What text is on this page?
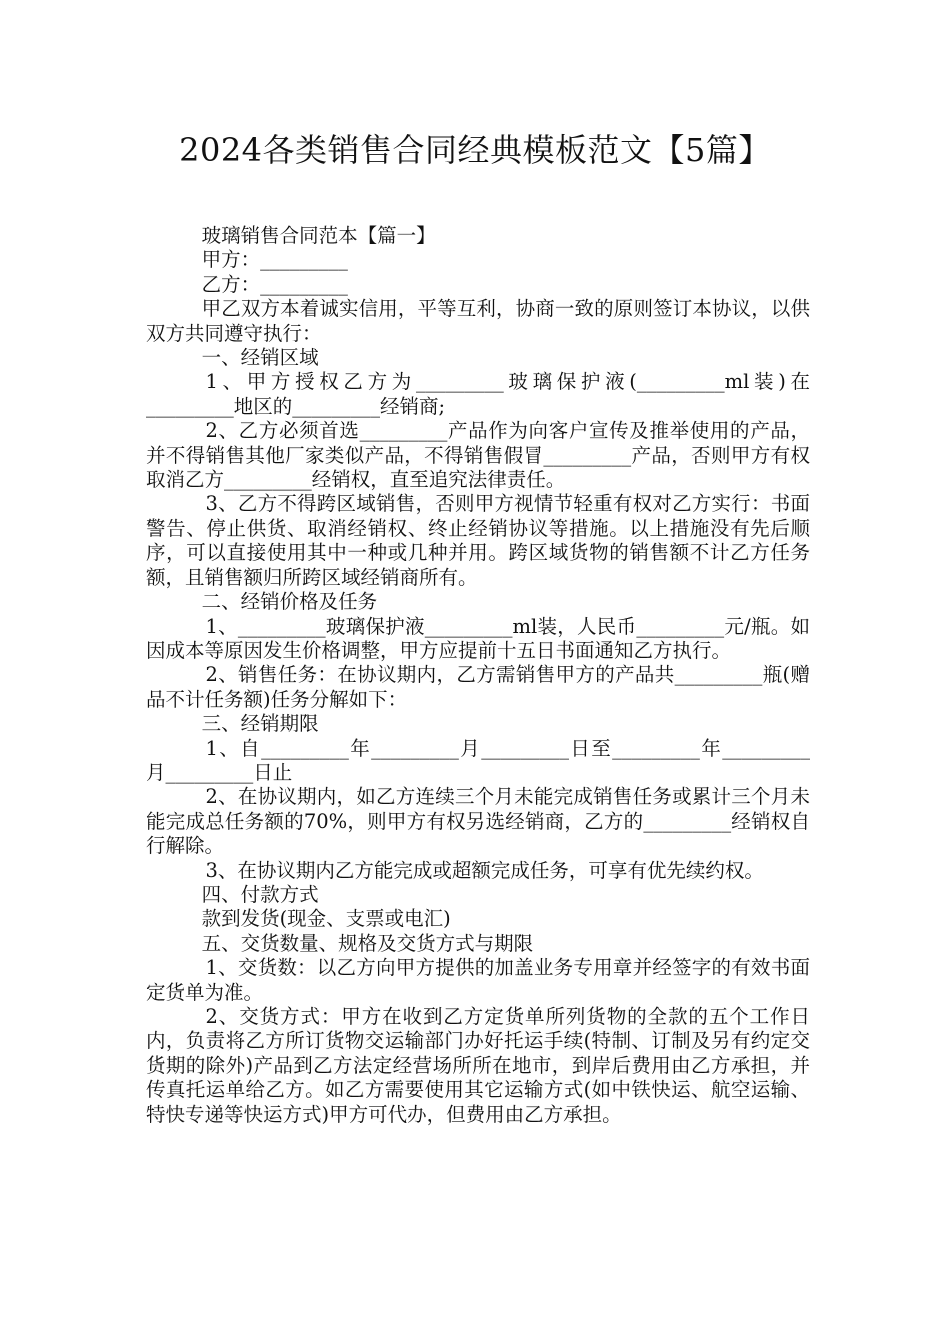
2024各类销售合同经典模板范文【5篇】

玻璃销售合同范本【篇一】

甲方：_________

乙方：_________

甲乙双方本着诚实信用，平等互利，协商一致的原则签订本协议，以供双方共同遵守执行：

一、经销区域

1、甲方授权乙方为_________玻璃保护液(_________ml装)在_________地区的_________经销商;

2、乙方必须首选_________产品作为向客户宣传及推举使用的产品，并不得销售其他厂家类似产品，不得销售假冒_________产品，否则甲方有权取消乙方_________经销权，直至追究法律责任。

3、乙方不得跨区域销售，否则甲方视情节轻重有权对乙方实行：书面警告、停止供货、取消经销权、终止经销协议等措施。以上措施没有先后顺序，可以直接使用其中一种或几种并用。跨区域货物的销售额不计乙方任务额，且销售额归所跨区域经销商所有。

二、经销价格及任务

1、_________玻璃保护液_________ml装，人民币_________元/瓶。如因成本等原因发生价格调整，甲方应提前十五日书面通知乙方执行。

2、销售任务：在协议期内，乙方需销售甲方的产品共_________瓶(赠品不计任务额)任务分解如下：

三、经销期限

1、自_________年_________月_________日至_________年_________月_________日止

2、在协议期内，如乙方连续三个月未能完成销售任务或累计三个月未能完成总任务额的70%，则甲方有权另选经销商，乙方的_________经销权自行解除。

3、在协议期内乙方能完成或超额完成任务，可享有优先续约权。

四、付款方式

款到发货(现金、支票或电汇)

五、交货数量、规格及交货方式与期限

1、交货数：以乙方向甲方提供的加盖业务专用章并经签字的有效书面定货单为准。

2、交货方式：甲方在收到乙方定货单所列货物的全款的五个工作日内，负责将乙方所订货物交运输部门办好托运手续(特制、订制及另有约定交货期的除外)产品到乙方法定经营场所所在地市，到岸后费用由乙方承担，并传真托运单给乙方。如乙方需要使用其它运输方式(如中铁快运、航空运输、特快专递等快运方式)甲方可代办，但费用由乙方承担。
